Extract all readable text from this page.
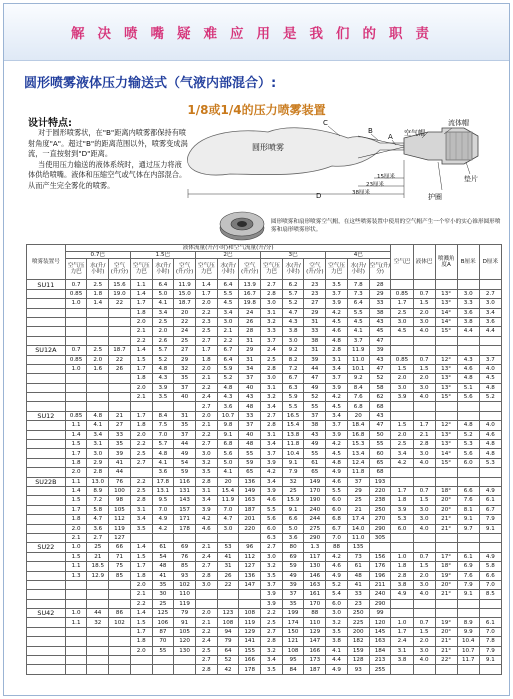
解决喷嘴疑难应用是我们的职责
圆形喷雾液体压力输送式（气液内部混合）:
1/8或1/4的压力喷雾装置
设计特点:

对于圆形喷雾状，在"B"距离内喷雾都保持有喷射角度"A"。超过"B"的距离范围以外，喷雾变成涡流，一直按射到"D"距离。

当使用压力输送的液体系统时，通过压力将液体供给喷嘴。液体和压缩空气或气体在内部混合。从而产生完全雾化的喷雾。

圆形喷雾
C
B
A
D
空气帽
流体帽
垫片
护圈
15厘米
23厘米
38厘米
圆形喷雾和扇形喷雾空气帽，在这些喷雾装置中使用的空气帽产生一个窄小的实心锥形圆形喷雾和扇形喷雾形状。
喷雾装置号	液体流量(升/小时)和空气流量(升/分)															空气巴	液体巴	喷溅角度A	B厘米	D厘米
	0.7巴			1.5巴			2巴			3巴			4巴							
	空气压力巴	水(升/小时)	空气(升/分)	空气压力巴	水(升/小时)	空气(升/分)	空气压力巴	水(升/小时)	空气(升/分)	空气压力巴	水(升/小时)	空气(升/分)	空气压力巴	水(升/小时)	空气(升/分)					
SU11	0.7	2.5	15.6	1.1	6.4	11.9	1.4	6.4	13.9	2.7	6.2	23	3.5	7.8	28					
	0.85	1.8	19.0	1.4	5.0	15.0	1.7	5.5	16.7	2.8	5.7	23	3.7	7.3	29	0.85	0.7	13°	3.0	2.7
	1.0	1.4	22	1.7	4.1	18.7	2.0	4.5	19.8	3.0	5.2	27	3.9	6.4	33	1.7	1.5	13°	3.3	3.0
				1.8	3.4	20	2.2	3.4	24	3.1	4.7	29	4.2	5.5	38	2.5	2.0	14°	3.6	3.4
				2.0	2.5	22	2.3	3.0	26	3.2	4.3	31	4.5	4.5	43	3.0	3.0	14°	3.8	3.6
				2.1	2.0	24	2.5	2.1	28	3.3	3.8	33	4.6	4.1	45	4.5	4.0	15°	4.4	4.4
				2.2	2.6	25	2.7	2.2	31	3.7	3.0	38	4.8	3.7	47					
SU12A	0.7	2.5	18.7	1.4	5.7	27	1.7	6.7	29	2.4	9.2	31	2.8	11.9	39					
	0.85	2.0	22	1.5	5.2	29	1.8	6.4	31	2.5	8.2	39	3.1	11.0	43	0.85	0.7	12°	4.3	3.7
	1.0	1.6	26	1.7	4.8	32	2.0	5.9	34	2.8	7.2	44	3.4	10.1	47	1.5	1.5	13°	4.6	4.0
				1.8	4.3	35	2.1	5.2	37	3.0	6.7	47	3.7	9.2	52	2.0	2.0	13°	4.8	4.5
				2.0	3.9	37	2.2	4.8	40	3.1	6.3	49	3.9	8.4	58	3.0	3.0	13°	5.1	4.8
				2.1	3.5	40	2.4	4.3	43	3.2	5.9	52	4.2	7.6	62	3.9	4.0	15°	5.6	5.2
							2.7	3.6	48	3.4	5.5	55	4.5	6.8	68					
SU12	0.85	4.8	21	1.7	8.4	31	2.0	10.7	33	2.7	16.5	37	3.4	20	43					
	1.1	4.1	27	1.8	7.5	35	2.1	9.8	37	2.8	15.4	38	3.7	18.4	47	1.5	1.7	12°	4.8	4.0
	1.4	3.4	33	2.0	7.0	37	2.2	9.1	40	3.1	13.8	43	3.9	16.8	50	2.0	2.1	13°	5.2	4.6
	1.5	3.1	35	2.2	5.7	44	2.7	6.8	48	3.4	11.8	49	4.2	15.3	55	2.5	2.8	13°	5.3	4.8
	1.7	3.0	39	2.5	4.8	49	3.0	5.6	55	3.7	10.4	55	4.5	13.4	60	3.4	3.0	14°	5.6	4.8
	1.8	2.9	41	2.7	4.1	54	3.2	5.0	59	3.9	9.1	61	4.8	12.4	65	4.2	4.0	15°	6.0	5.3
	2.0	2.8	44		3.6	59	3.5	4.1	65	4.2	7.9	65	4.9	11.8	68					
SU22B	1.1	13.0	76	2.2	17.8	116	2.8	20	136	3.4	32	149	4.6	37	193					
	1.4	8.9	100	2.5	13.1	131	3.1	15.4	149	3.9	25	170	5.5	29	220	1.7	0.7	18°	6.6	4.9
	1.5	7.2	98	2.8	9.5	143	3.4	11.9	163	4.6	15.9	190	6.0	25	238	1.8	1.5	20°	7.6	6.1
	1.7	5.8	105	3.1	7.0	157	3.9	7.0	187	5.5	9.1	240	6.0	21	250	3.9	3.0	20°	8.1	6.7
	1.8	4.7	112	3.4	4.9	171	4.2	4.7	201	5.6	6.6	244	6.8	17.4	270	5.3	3.0	21°	9.1	7.9
	2.0	3.6	119	3.5	4.2	178	4.6	3.0	220	6.0	5.0	275	6.7	14.0	290	6.0	4.0	21°	9.7	9.1
	2.1	2.7	127							6.3	3.6	290	7.0	11.0	305					
SU22	1.0	25	66	1.4	61	69	2.1	53	96	2.7	80	1.3	88	135						
	1.5	21	71	1.5	54	76	2.4	41	112	3.0	69	117	4.2	73	156	1.0	0.7	17°	6.1	4.9
	1.1	18.5	75	1.7	48	85	2.7	31	127	3.2	59	130	4.6	61	176	1.8	1.5	18°	6.9	5.8
	1.3	12.9	85	1.8	41	93	2.8	26	136	3.5	49	146	4.9	48	196	2.8	2.0	19°	7.6	6.6
				2.0	35	102	3.0	22	147	3.7	39	163	5.2	41	211	3.8	3.0	20°	7.9	7.0
				2.1	30	110				3.9	37	161	5.4	33	240	4.9	4.0	21°	9.1	8.5
				2.2	25	119				3.9	35	170	6.0	23	290					
SU42	1.0	44	86	1.4	125	79	2.0	123	108	2.2	199	88	3.0	250	99					
	1.1	32	102	1.5	106	91	2.1	108	119	2.5	174	110	3.2	225	120	1.0	0.7	19°	8.9	6.1
				1.7	87	105	2.2	94	129	2.7	150	129	3.5	200	145	1.7	1.5	20°	9.9	7.0
				1.8	70	120	2.4	79	141	2.8	121	147	3.8	182	163	2.4	2.0	21°	10.4	7.8
				2.0	55	130	2.5	64	155	3.2	108	166	4.1	159	184	3.1	3.0	21°	10.7	7.9
							2.7	52	166	3.4	95	173	4.4	128	213	3.8	4.0	22°	11.7	9.1
							2.8	42	178	3.5	84	187	4.9	93	255					
